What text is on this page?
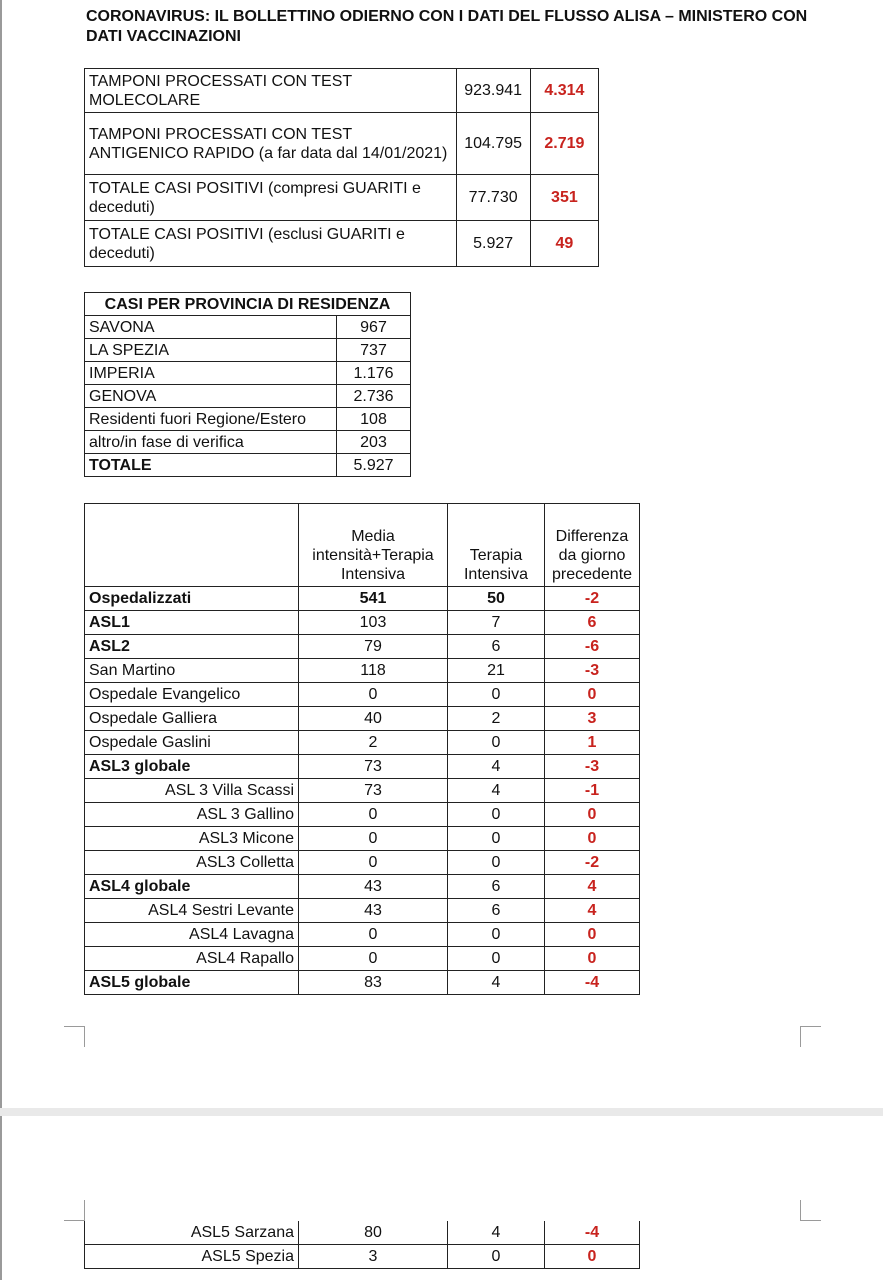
CORONAVIRUS: IL BOLLETTINO ODIERNO CON I DATI DEL FLUSSO ALISA – MINISTERO CON DATI VACCINAZIONI
TAMPONI PROCESSATI CON TEST MOLECOLARE	923.941	4.314
TAMPONI PROCESSATI CON TEST ANTIGENICO RAPIDO (a far data dal 14/01/2021)	104.795	2.719
TOTALE CASI POSITIVI (compresi GUARITI e deceduti)	77.730	351
TOTALE CASI POSITIVI (esclusi GUARITI e deceduti)	5.927	49
CASI PER PROVINCIA DI RESIDENZA	
SAVONA	967
LA SPEZIA	737
IMPERIA	1.176
GENOVA	2.736
Residenti fuori Regione/Estero	108
altro/in fase di verifica	203
TOTALE	5.927
	Media intensità+Terapia Intensiva	Terapia Intensiva	Differenza da giorno precedente
Ospedalizzati	541	50	-2
ASL1	103	7	6
ASL2	79	6	-6
San Martino	118	21	-3
Ospedale Evangelico	0	0	0
Ospedale Galliera	40	2	3
Ospedale Gaslini	2	0	1
ASL3 globale	73	4	-3
ASL 3 Villa Scassi	73	4	-1
ASL 3 Gallino	0	0	0
ASL3 Micone	0	0	0
ASL3 Colletta	0	0	-2
ASL4 globale	43	6	4
ASL4 Sestri Levante	43	6	4
ASL4 Lavagna	0	0	0
ASL4 Rapallo	0	0	0
ASL5 globale	83	4	-4
ASL5 Sarzana	80	4	-4
ASL5 Spezia	3	0	0
